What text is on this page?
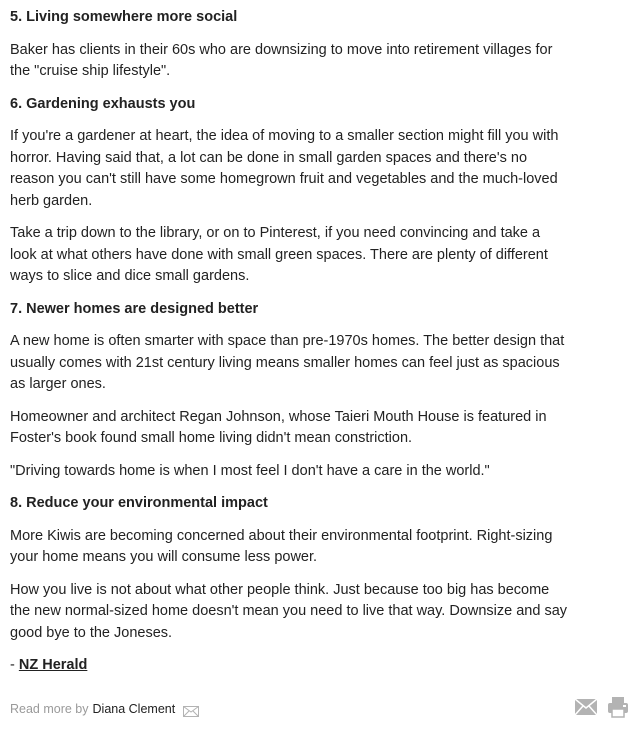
5. Living somewhere more social

Baker has clients in their 60s who are downsizing to move into retirement villages for the "cruise ship lifestyle".

6. Gardening exhausts you

If you're a gardener at heart, the idea of moving to a smaller section might fill you with horror. Having said that, a lot can be done in small garden spaces and there's no reason you can't still have some homegrown fruit and vegetables and the much-loved herb garden.

Take a trip down to the library, or on to Pinterest, if you need convincing and take a look at what others have done with small green spaces. There are plenty of different ways to slice and dice small gardens.

7. Newer homes are designed better

A new home is often smarter with space than pre-1970s homes. The better design that usually comes with 21st century living means smaller homes can feel just as spacious as larger ones.

Homeowner and architect Regan Johnson, whose Taieri Mouth House is featured in Foster's book found small home living didn't mean constriction.

"Driving towards home is when I most feel I don't have a care in the world."

8. Reduce your environmental impact

More Kiwis are becoming concerned about their environmental footprint. Right-sizing your home means you will consume less power.

How you live is not about what other people think. Just because too big has become the new normal-sized home doesn't mean you need to live that way. Downsize and say good bye to the Joneses.

- NZ Herald

Read more by Diana Clement
